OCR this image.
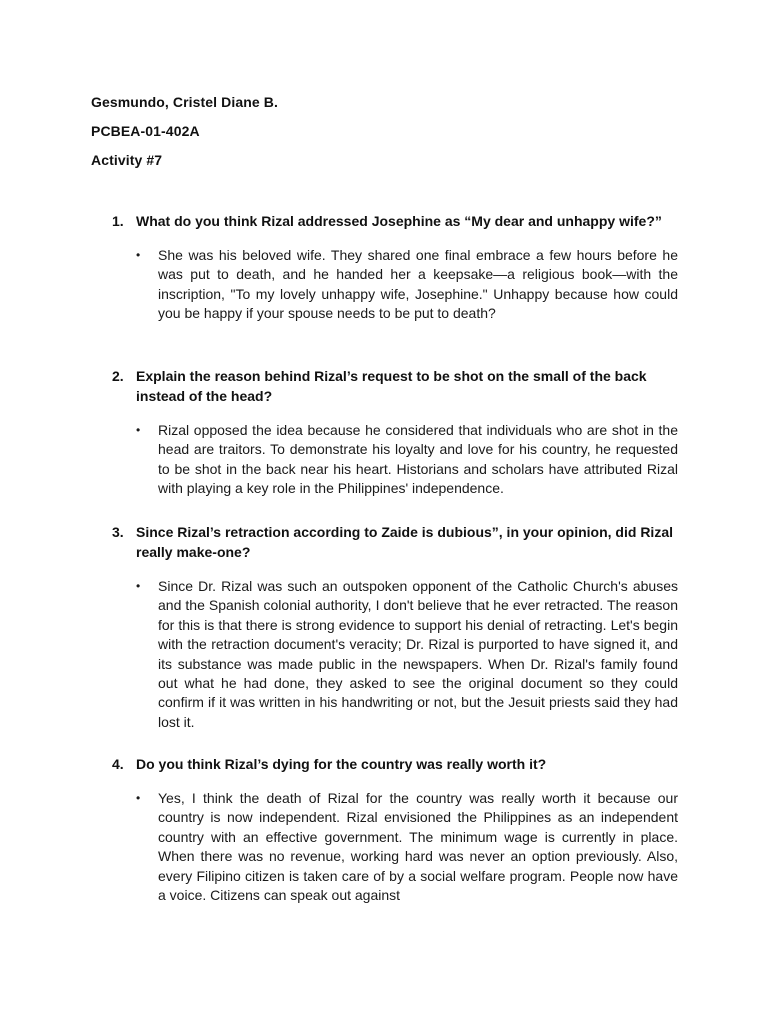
Gesmundo, Cristel Diane B.
PCBEA-01-402A
Activity #7
1. What do you think Rizal addressed Josephine as “My dear and unhappy wife?”
•	She was his beloved wife. They shared one final embrace a few hours before he was put to death, and he handed her a keepsake—a religious book—with the inscription, "To my lovely unhappy wife, Josephine." Unhappy because how could you be happy if your spouse needs to be put to death?
2. Explain the reason behind Rizal’s request to be shot on the small of the back instead of the head?
•	Rizal opposed the idea because he considered that individuals who are shot in the head are traitors. To demonstrate his loyalty and love for his country, he requested to be shot in the back near his heart. Historians and scholars have attributed Rizal with playing a key role in the Philippines' independence.
3. Since Rizal’s retraction according to Zaide is dubious”, in your opinion, did Rizal really make-one?
•	Since Dr. Rizal was such an outspoken opponent of the Catholic Church's abuses and the Spanish colonial authority, I don't believe that he ever retracted. The reason for this is that there is strong evidence to support his denial of retracting. Let's begin with the retraction document's veracity; Dr. Rizal is purported to have signed it, and its substance was made public in the newspapers. When Dr. Rizal's family found out what he had done, they asked to see the original document so they could confirm if it was written in his handwriting or not, but the Jesuit priests said they had lost it.
4. Do you think Rizal’s dying for the country was really worth it?
•	Yes, I think the death of Rizal for the country was really worth it because our country is now independent. Rizal envisioned the Philippines as an independent country with an effective government. The minimum wage is currently in place. When there was no revenue, working hard was never an option previously. Also, every Filipino citizen is taken care of by a social welfare program. People now have a voice. Citizens can speak out against
